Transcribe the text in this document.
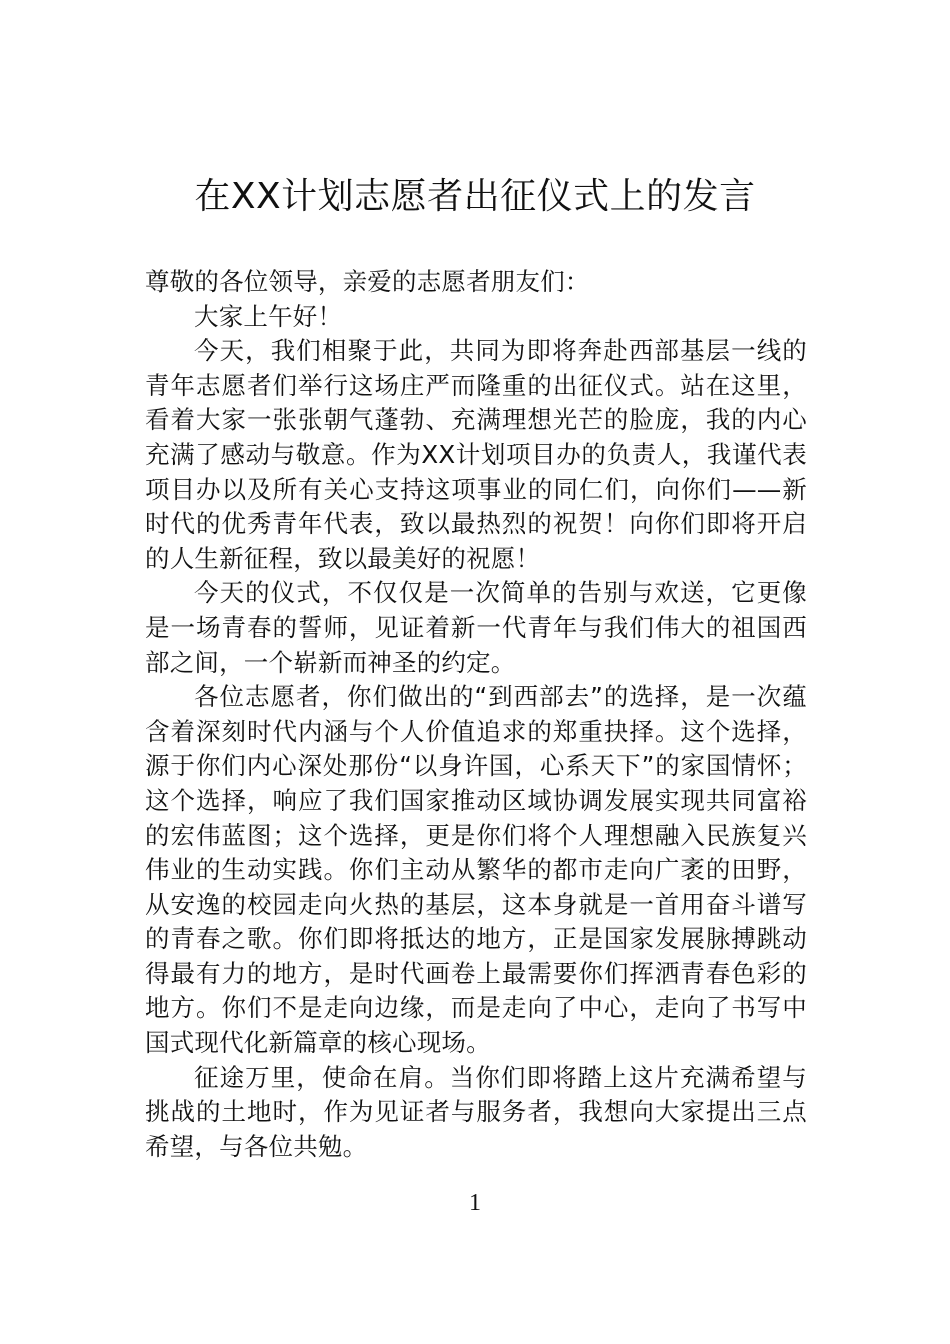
在XX计划志愿者出征仪式上的发言

尊敬的各位领导，亲爱的志愿者朋友们：

大家上午好！

今天，我们相聚于此，共同为即将奔赴西部基层一线的青年志愿者们举行这场庄严而隆重的出征仪式。站在这里，看着大家一张张朝气蓬勃、充满理想光芒的脸庞，我的内心充满了感动与敬意。作为XX计划项目办的负责人，我谨代表项目办以及所有关心支持这项事业的同仁们，向你们——新时代的优秀青年代表，致以最热烈的祝贺！向你们即将开启的人生新征程，致以最美好的祝愿！

今天的仪式，不仅仅是一次简单的告别与欢送，它更像是一场青春的誓师，见证着新一代青年与我们伟大的祖国西部之间，一个崭新而神圣的约定。

各位志愿者，你们做出的“到西部去”的选择，是一次蕴含着深刻时代内涵与个人价值追求的郑重抉择。这个选择，源于你们内心深处那份“以身许国，心系天下”的家国情怀；这个选择，响应了我们国家推动区域协调发展实现共同富裕的宏伟蓝图；这个选择，更是你们将个人理想融入民族复兴伟业的生动实践。你们主动从繁华的都市走向广袤的田野，从安逸的校园走向火热的基层，这本身就是一首用奋斗谱写的青春之歌。你们即将抵达的地方，正是国家发展脉搏跳动得最有力的地方，是时代画卷上最需要你们挥洒青春色彩的地方。你们不是走向边缘，而是走向了中心，走向了书写中国式现代化新篇章的核心现场。

征途万里，使命在肩。当你们即将踏上这片充满希望与挑战的土地时，作为见证者与服务者，我想向大家提出三点希望，与各位共勉。

1
